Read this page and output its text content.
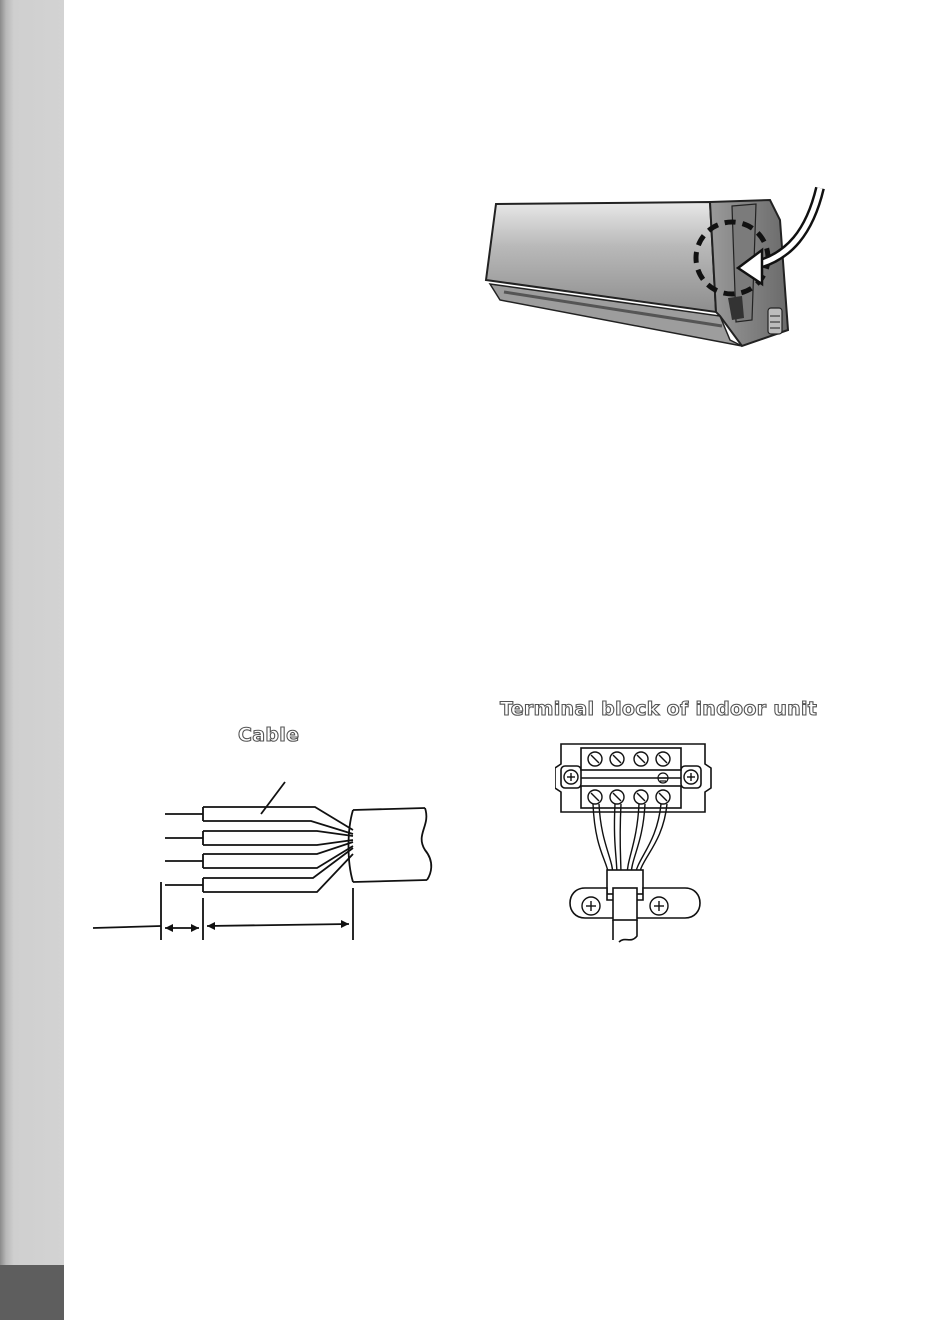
Cable
Terminal block of indoor unit
